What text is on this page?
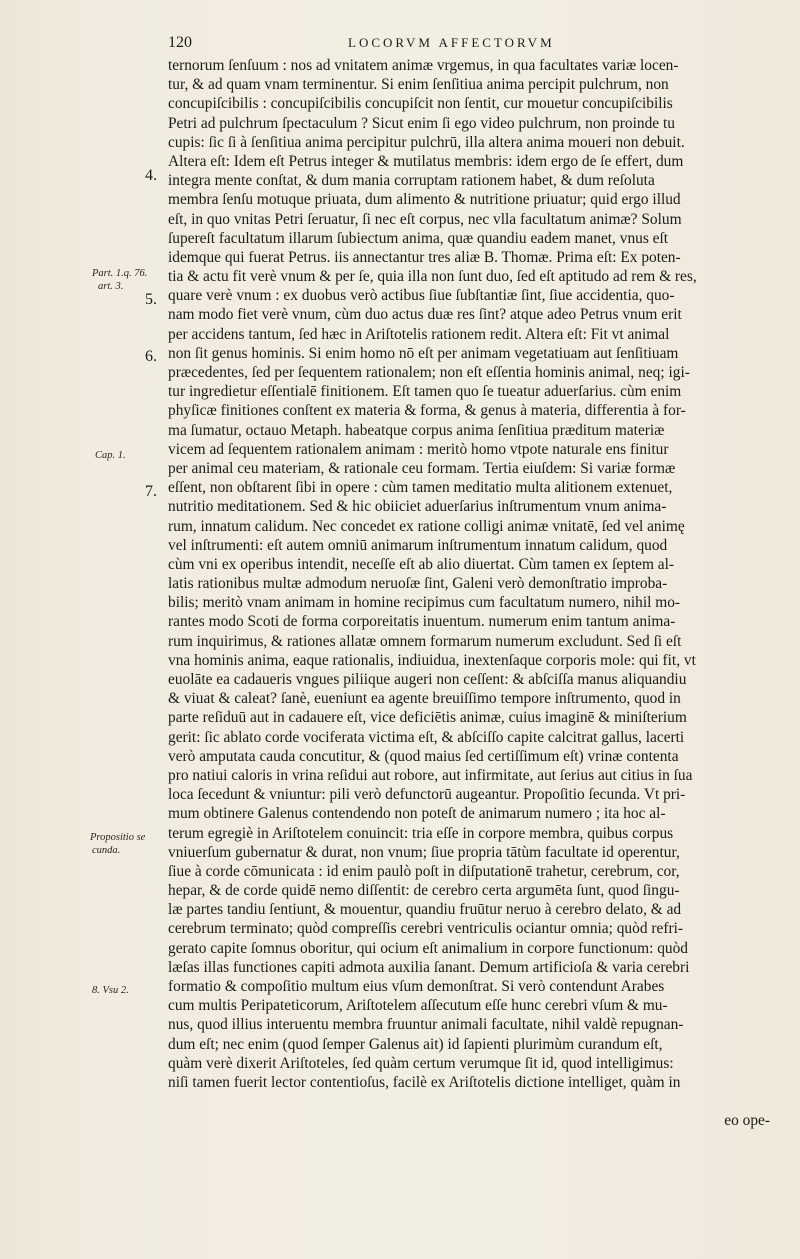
120	LOCORVM AFFECTORVM
4.
5.
6.
7.
Part. 1.q. 76.
art. 3.
Cap. 1.
Propositio se
cunda.
8. Vsu 2.
ternorum ſenſuum : nos ad vnitatem animæ vrgemus, in qua facultates variæ locen-
tur, & ad quam vnam terminentur. Si enim ſenſitiua anima percipit pulchrum, non
concupiſcibilis : concupiſcibilis concupiſcit non ſentit, cur mouetur concupiſcibilis
Petri ad pulchrum ſpectaculum ? Sicut enim ſi ego video pulchrum, non proinde tu
cupis: ſic ſi à ſenſitiua anima percipitur pulchrū, illa altera anima moueri non debuit.
Altera eſt: Idem eſt Petrus integer & mutilatus membris: idem ergo de ſe effert, dum
integra mente conſtat, & dum mania corruptam rationem habet, & dum reſoluta
membra ſenſu motuque priuata, dum alimento & nutritione priuatur; quid ergo illud
eſt, in quo vnitas Petri ſeruatur, ſi nec eſt corpus, nec vlla facultatum animæ? Solum
ſupereſt facultatum illarum ſubiectum anima, quæ quandiu eadem manet, vnus eſt
idemque qui fuerat Petrus. iis annectantur tres aliæ B. Thomæ. Prima eſt: Ex poten-
tia & actu fit verè vnum & per ſe, quia illa non ſunt duo, ſed eſt aptitudo ad rem & res,
quare verè vnum : ex duobus verò actibus ſiue ſubſtantiæ ſint, ſiue accidentia, quo-
nam modo fiet verè vnum, cùm duo actus duæ res ſint? atque adeo Petrus vnum erit
per accidens tantum, ſed hæc in Ariſtotelis rationem redit. Altera eſt: Fit vt animal
non ſit genus hominis. Si enim homo nō eſt per animam vegetatiuam aut ſenſitiuam
præcedentes, ſed per ſequentem rationalem; non eſt eſſentia hominis animal, neq; igi-
tur ingredietur eſſentialē finitionem. Eſt tamen quo ſe tueatur aduerſarius. cùm enim
phyſicæ finitiones conſtent ex materia & forma, & genus à materia, differentia à for-
ma ſumatur, octauo Metaph. habeatque corpus anima ſenſitiua præditum materiæ
vicem ad ſequentem rationalem animam : meritò homo vtpote naturale ens finitur
per animal ceu materiam, & rationale ceu formam. Tertia eiuſdem: Si variæ formæ
eſſent, non obſtarent ſibi in opere : cùm tamen meditatio multa alitionem extenuet,
nutritio meditationem. Sed & hic obiiciet aduerſarius inſtrumentum vnum anima-
rum, innatum calidum. Nec concedet ex ratione colligi animæ vnitatē, ſed vel animę
vel inſtrumenti: eſt autem omniū animarum inſtrumentum innatum calidum, quod
cùm vni ex operibus intendit, neceſſe eſt ab alio diuertat. Cùm tamen ex ſeptem al-
latis rationibus multæ admodum neruoſæ ſint, Galeni verò demonſtratio improba-
bilis; meritò vnam animam in homine recipimus cum facultatum numero, nihil mo-
rantes modo Scoti de forma corporeitatis inuentum. numerum enim tantum anima-
rum inquirimus, & rationes allatæ omnem formarum numerum excludunt. Sed ſi eſt
vna hominis anima, eaque rationalis, indiuidua, inextenſaque corporis mole: qui fit, vt
euolāte ea cadaueris vngues piliique augeri non ceſſent: & abſciſſa manus aliquandiu
& viuat & caleat? ſanè, eueniunt ea agente breuiſſimo tempore inſtrumento, quod in
parte reſiduū aut in cadauere eſt, vice deficiētis animæ, cuius imaginē & miniſterium
gerit: ſic ablato corde vociferata victima eſt, & abſciſſo capite calcitrat gallus, lacerti
verò amputata cauda concutitur, & (quod maius ſed certiſſimum eſt) vrinæ contenta
pro natiui caloris in vrina reſidui aut robore, aut infirmitate, aut ſerius aut citius in ſua
loca ſecedunt & vniuntur: pili verò defunctorū augeantur. Propoſitio ſecunda. Vt pri-
mum obtinere Galenus contendendo non poteſt de animarum numero ; ita hoc al-
terum egregiè in Ariſtotelem conuincit: tria eſſe in corpore membra, quibus corpus
vniuerſum gubernatur & durat, non vnum; ſiue propria tātùm facultate id operentur,
ſiue à corde cōmunicata : id enim paulò poſt in diſputationē trahetur, cerebrum, cor,
hepar, & de corde quidē nemo diſſentit: de cerebro certa argumēta ſunt, quod ſingu-
læ partes tandiu ſentiunt, & mouentur, quandiu fruūtur neruo à cerebro delato, & ad
cerebrum terminato; quòd compreſſis cerebri ventriculis ociantur omnia; quòd refri-
gerato capite ſomnus oboritur, qui ocium eſt animalium in corpore functionum: quòd
læſas illas functiones capiti admota auxilia ſanant. Demum artificioſa & varia cerebri
formatio & compoſitio multum eius vſum demonſtrat. Si verò contendunt Arabes
cum multis Peripateticorum, Ariſtotelem aſſecutum eſſe hunc cerebri vſum & mu-
nus, quod illius interuentu membra fruuntur animali facultate, nihil valdè repugnan-
dum eſt; nec enim (quod ſemper Galenus ait) id ſapienti plurimùm curandum eſt,
quàm verè dixerit Ariſtoteles, ſed quàm certum verumque ſit id, quod intelligimus:
niſi tamen fuerit lector contentioſus, facilè ex Ariſtotelis dictione intelliget, quàm in
eo ope-
